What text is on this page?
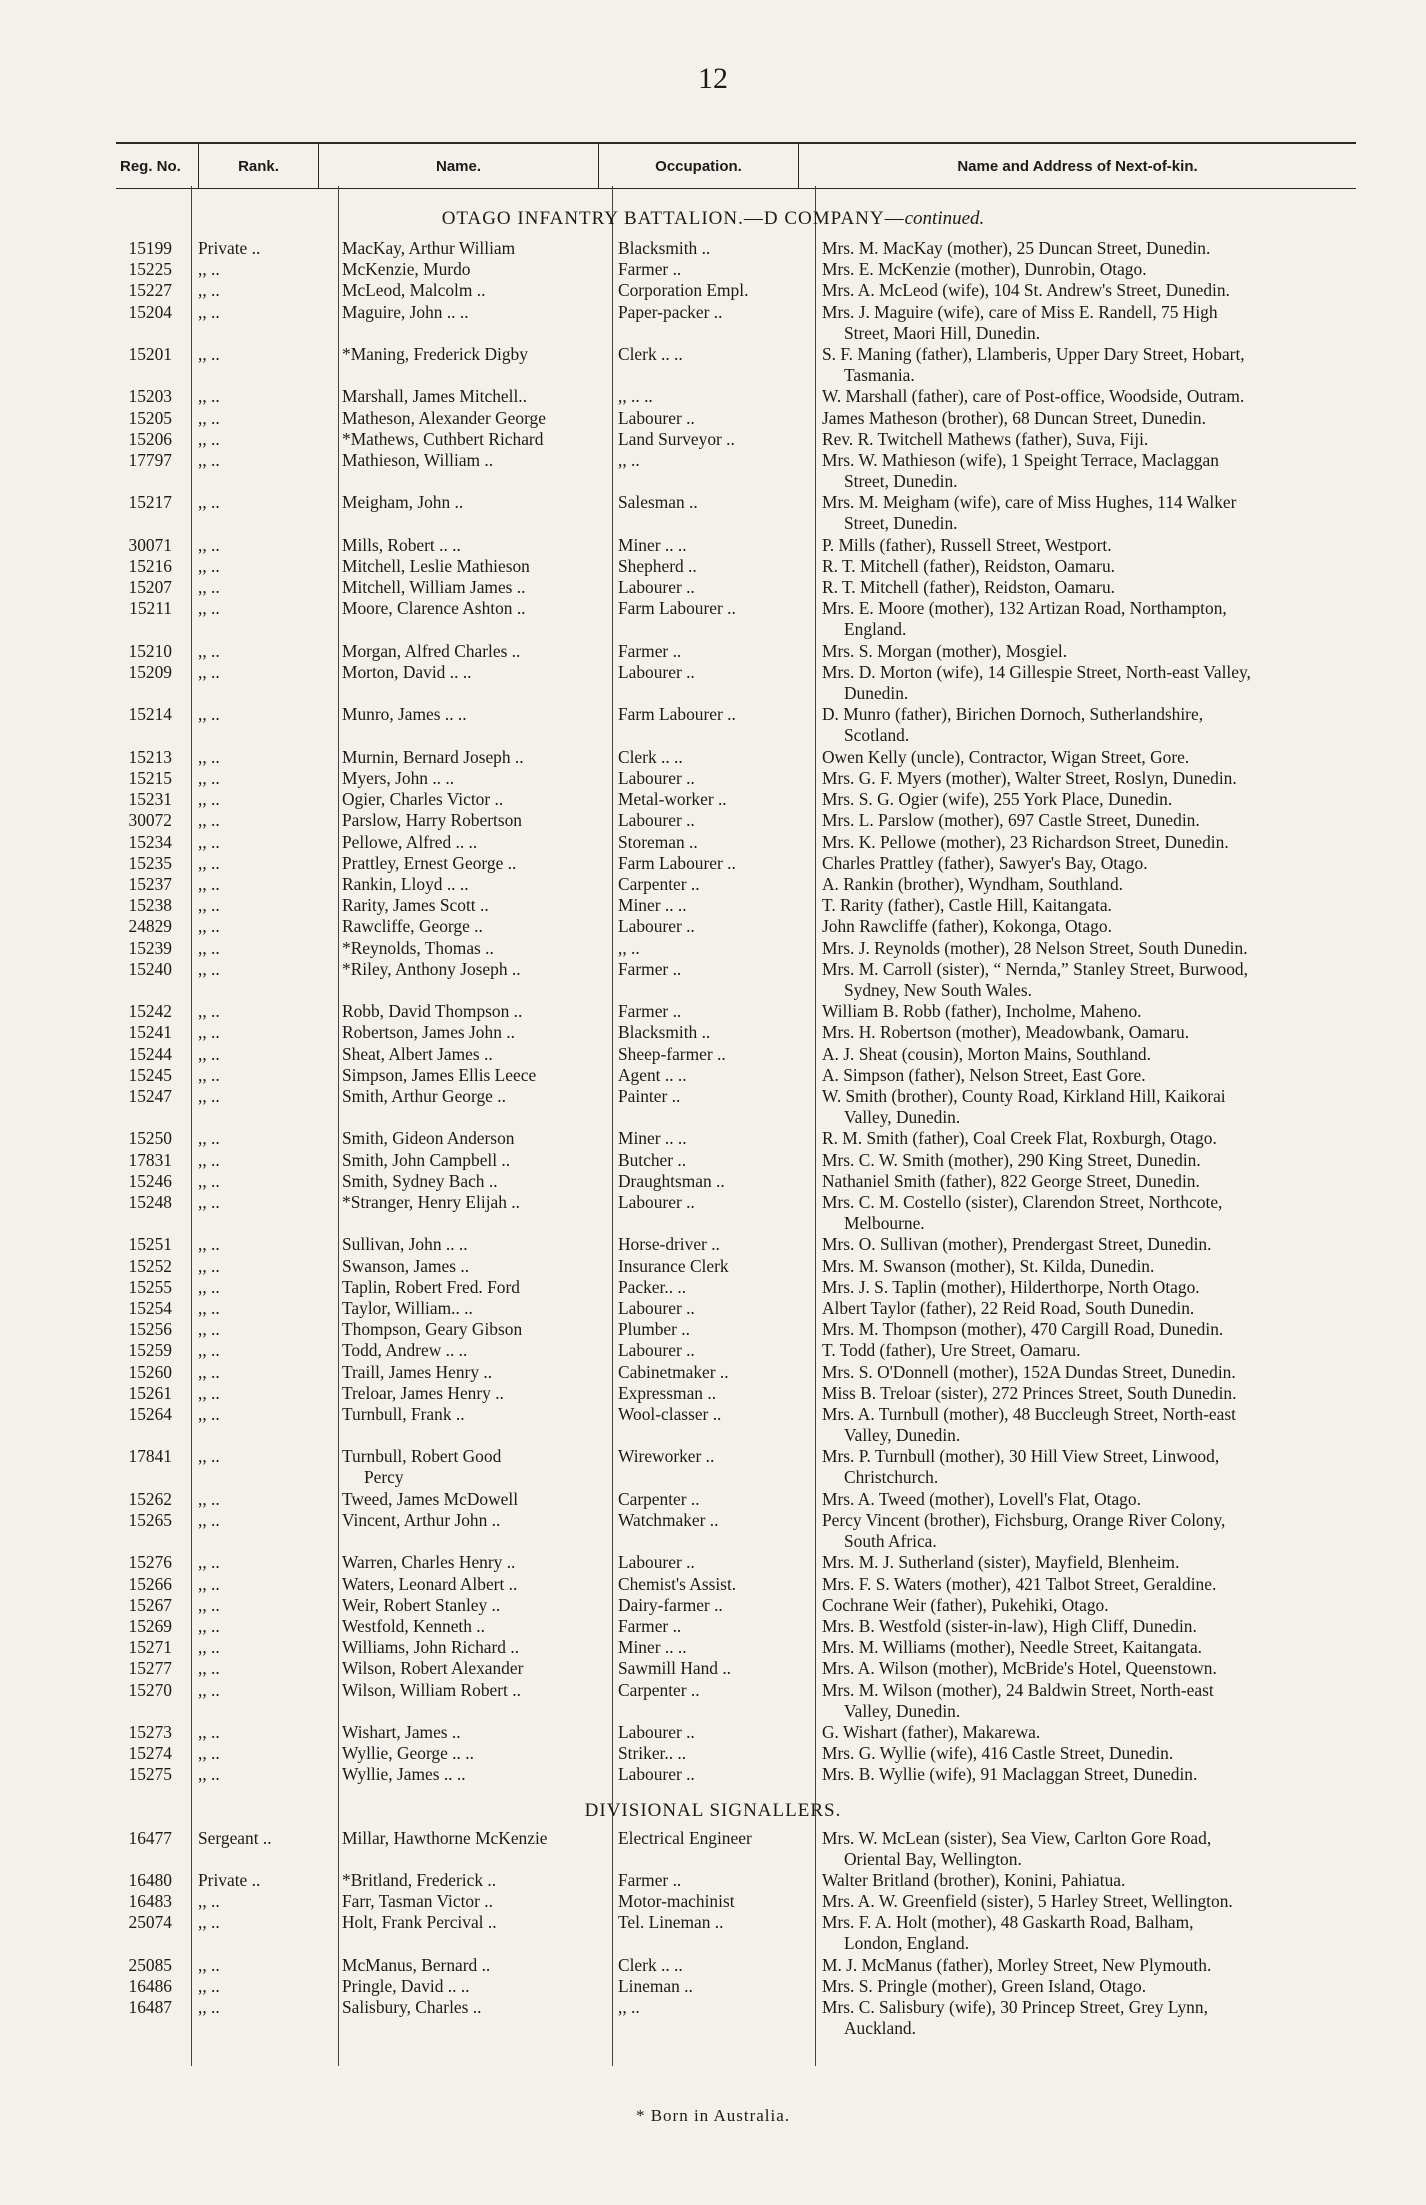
12
Reg. No.	Rank.	Name.	Occupation.	Name and Address of Next-of-kin.
OTAGO INFANTRY BATTALION.—D COMPANY—continued.
15199 Private ..	MacKay, Arthur William	Blacksmith ..	Mrs. M. MacKay (mother), 25 Duncan Street, Dunedin.
15225 ,, ..	McKenzie, Murdo	Farmer ..	Mrs. E. McKenzie (mother), Dunrobin, Otago.
15227 ,, ..	McLeod, Malcolm ..	Corporation Empl.	Mrs. A. McLeod (wife), 104 St. Andrew's Street, Dunedin.
15204 ,, ..	Maguire, John .. ..	Paper-packer ..	Mrs. J. Maguire (wife), care of Miss E. Randell, 75 High
Street, Maori Hill, Dunedin.
15201 ,, ..	*Maning, Frederick Digby	Clerk .. ..	S. F. Maning (father), Llamberis, Upper Dary Street, Hobart,
Tasmania.
15203 ,, ..	Marshall, James Mitchell..	,, .. ..	W. Marshall (father), care of Post-office, Woodside, Outram.
15205 ,, ..	Matheson, Alexander George	Labourer ..	James Matheson (brother), 68 Duncan Street, Dunedin.
15206 ,, ..	*Mathews, Cuthbert Richard	Land Surveyor ..	Rev. R. Twitchell Mathews (father), Suva, Fiji.
17797 ,, ..	Mathieson, William ..	,, ..	Mrs. W. Mathieson (wife), 1 Speight Terrace, Maclaggan
Street, Dunedin.
15217 ,, ..	Meigham, John ..	Salesman ..	Mrs. M. Meigham (wife), care of Miss Hughes, 114 Walker
Street, Dunedin.
30071 ,, ..	Mills, Robert .. ..	Miner .. ..	P. Mills (father), Russell Street, Westport.
15216 ,, ..	Mitchell, Leslie Mathieson	Shepherd ..	R. T. Mitchell (father), Reidston, Oamaru.
15207 ,, ..	Mitchell, William James ..	Labourer ..	R. T. Mitchell (father), Reidston, Oamaru.
15211 ,, ..	Moore, Clarence Ashton ..	Farm Labourer ..	Mrs. E. Moore (mother), 132 Artizan Road, Northampton,
England.
15210 ,, ..	Morgan, Alfred Charles ..	Farmer ..	Mrs. S. Morgan (mother), Mosgiel.
15209 ,, ..	Morton, David .. ..	Labourer ..	Mrs. D. Morton (wife), 14 Gillespie Street, North-east Valley,
Dunedin.
15214 ,, ..	Munro, James .. ..	Farm Labourer ..	D. Munro (father), Birichen Dornoch, Sutherlandshire,
Scotland.
15213 ,, ..	Murnin, Bernard Joseph ..	Clerk .. ..	Owen Kelly (uncle), Contractor, Wigan Street, Gore.
15215 ,, ..	Myers, John .. ..	Labourer ..	Mrs. G. F. Myers (mother), Walter Street, Roslyn, Dunedin.
15231 ,, ..	Ogier, Charles Victor ..	Metal-worker ..	Mrs. S. G. Ogier (wife), 255 York Place, Dunedin.
30072 ,, ..	Parslow, Harry Robertson	Labourer ..	Mrs. L. Parslow (mother), 697 Castle Street, Dunedin.
15234 ,, ..	Pellowe, Alfred .. ..	Storeman ..	Mrs. K. Pellowe (mother), 23 Richardson Street, Dunedin.
15235 ,, ..	Prattley, Ernest George ..	Farm Labourer ..	Charles Prattley (father), Sawyer's Bay, Otago.
15237 ,, ..	Rankin, Lloyd .. ..	Carpenter ..	A. Rankin (brother), Wyndham, Southland.
15238 ,, ..	Rarity, James Scott ..	Miner .. ..	T. Rarity (father), Castle Hill, Kaitangata.
24829 ,, ..	Rawcliffe, George ..	Labourer ..	John Rawcliffe (father), Kokonga, Otago.
15239 ,, ..	*Reynolds, Thomas ..	,, ..	Mrs. J. Reynolds (mother), 28 Nelson Street, South Dunedin.
15240 ,, ..	*Riley, Anthony Joseph ..	Farmer ..	Mrs. M. Carroll (sister), “ Nernda,” Stanley Street, Burwood,
Sydney, New South Wales.
15242 ,, ..	Robb, David Thompson ..	Farmer ..	William B. Robb (father), Incholme, Maheno.
15241 ,, ..	Robertson, James John ..	Blacksmith ..	Mrs. H. Robertson (mother), Meadowbank, Oamaru.
15244 ,, ..	Sheat, Albert James ..	Sheep-farmer ..	A. J. Sheat (cousin), Morton Mains, Southland.
15245 ,, ..	Simpson, James Ellis Leece	Agent .. ..	A. Simpson (father), Nelson Street, East Gore.
15247 ,, ..	Smith, Arthur George ..	Painter ..	W. Smith (brother), County Road, Kirkland Hill, Kaikorai
Valley, Dunedin.
15250 ,, ..	Smith, Gideon Anderson	Miner .. ..	R. M. Smith (father), Coal Creek Flat, Roxburgh, Otago.
17831 ,, ..	Smith, John Campbell ..	Butcher ..	Mrs. C. W. Smith (mother), 290 King Street, Dunedin.
15246 ,, ..	Smith, Sydney Bach ..	Draughtsman ..	Nathaniel Smith (father), 822 George Street, Dunedin.
15248 ,, ..	*Stranger, Henry Elijah ..	Labourer ..	Mrs. C. M. Costello (sister), Clarendon Street, Northcote,
Melbourne.
15251 ,, ..	Sullivan, John .. ..	Horse-driver ..	Mrs. O. Sullivan (mother), Prendergast Street, Dunedin.
15252 ,, ..	Swanson, James ..	Insurance Clerk	Mrs. M. Swanson (mother), St. Kilda, Dunedin.
15255 ,, ..	Taplin, Robert Fred. Ford	Packer.. ..	Mrs. J. S. Taplin (mother), Hilderthorpe, North Otago.
15254 ,, ..	Taylor, William.. ..	Labourer ..	Albert Taylor (father), 22 Reid Road, South Dunedin.
15256 ,, ..	Thompson, Geary Gibson	Plumber ..	Mrs. M. Thompson (mother), 470 Cargill Road, Dunedin.
15259 ,, ..	Todd, Andrew .. ..	Labourer ..	T. Todd (father), Ure Street, Oamaru.
15260 ,, ..	Traill, James Henry ..	Cabinetmaker ..	Mrs. S. O'Donnell (mother), 152A Dundas Street, Dunedin.
15261 ,, ..	Treloar, James Henry ..	Expressman ..	Miss B. Treloar (sister), 272 Princes Street, South Dunedin.
15264 ,, ..	Turnbull, Frank ..	Wool-classer ..	Mrs. A. Turnbull (mother), 48 Buccleugh Street, North-east
Valley, Dunedin.
17841 ,, ..	Turnbull, Robert Good
Percy
Wireworker ..	Mrs. P. Turnbull (mother), 30 Hill View Street, Linwood,
Christchurch.
15262 ,, ..	Tweed, James McDowell	Carpenter ..	Mrs. A. Tweed (mother), Lovell's Flat, Otago.
15265 ,, ..	Vincent, Arthur John ..	Watchmaker ..	Percy Vincent (brother), Fichsburg, Orange River Colony,
South Africa.
15276 ,, ..	Warren, Charles Henry ..	Labourer ..	Mrs. M. J. Sutherland (sister), Mayfield, Blenheim.
15266 ,, ..	Waters, Leonard Albert ..	Chemist's Assist.	Mrs. F. S. Waters (mother), 421 Talbot Street, Geraldine.
15267 ,, ..	Weir, Robert Stanley ..	Dairy-farmer ..	Cochrane Weir (father), Pukehiki, Otago.
15269 ,, ..	Westfold, Kenneth ..	Farmer ..	Mrs. B. Westfold (sister-in-law), High Cliff, Dunedin.
15271 ,, ..	Williams, John Richard ..	Miner .. ..	Mrs. M. Williams (mother), Needle Street, Kaitangata.
15277 ,, ..	Wilson, Robert Alexander	Sawmill Hand ..	Mrs. A. Wilson (mother), McBride's Hotel, Queenstown.
15270 ,, ..	Wilson, William Robert ..	Carpenter ..	Mrs. M. Wilson (mother), 24 Baldwin Street, North-east
Valley, Dunedin.
15273 ,, ..	Wishart, James ..	Labourer ..	G. Wishart (father), Makarewa.
15274 ,, ..	Wyllie, George .. ..	Striker.. ..	Mrs. G. Wyllie (wife), 416 Castle Street, Dunedin.
15275 ,, ..	Wyllie, James .. ..	Labourer ..	Mrs. B. Wyllie (wife), 91 Maclaggan Street, Dunedin.
DIVISIONAL SIGNALLERS.
16477 Sergeant ..	Millar, Hawthorne McKenzie	Electrical Engineer	Mrs. W. McLean (sister), Sea View, Carlton Gore Road,
Oriental Bay, Wellington.
16480 Private ..	*Britland, Frederick ..	Farmer ..	Walter Britland (brother), Konini, Pahiatua.
16483 ,, ..	Farr, Tasman Victor ..	Motor-machinist	Mrs. A. W. Greenfield (sister), 5 Harley Street, Wellington.
25074 ,, ..	Holt, Frank Percival ..	Tel. Lineman ..	Mrs. F. A. Holt (mother), 48 Gaskarth Road, Balham,
London, England.
25085 ,, ..	McManus, Bernard ..	Clerk .. ..	M. J. McManus (father), Morley Street, New Plymouth.
16486 ,, ..	Pringle, David .. ..	Lineman ..	Mrs. S. Pringle (mother), Green Island, Otago.
16487 ,, ..	Salisbury, Charles ..	,, ..	Mrs. C. Salisbury (wife), 30 Princep Street, Grey Lynn,
Auckland.
* Born in Australia.
